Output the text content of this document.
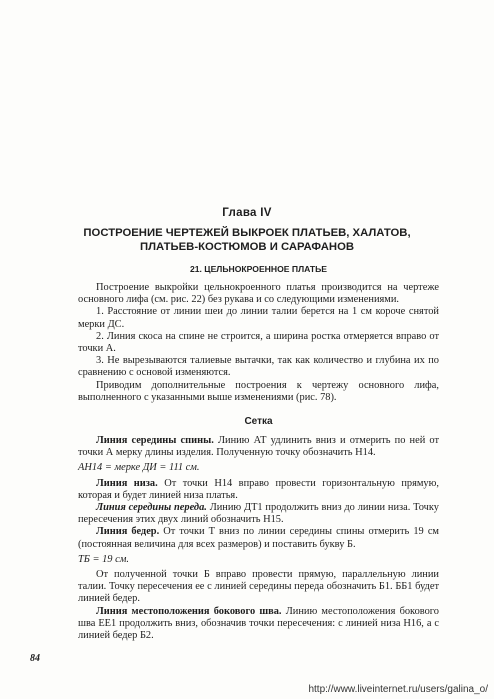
Глава IV
ПОСТРОЕНИЕ ЧЕРТЕЖЕЙ ВЫКРОЕК ПЛАТЬЕВ, ХАЛАТОВ,
ПЛАТЬЕВ-КОСТЮМОВ И САРАФАНОВ
21. ЦЕЛЬНОКРОЕННОЕ ПЛАТЬЕ

Построение выкройки цельнокроенного платья производится на чертеже основного лифа (см. рис. 22) без рукава и со следующими изменениями.

1. Расстояние от линии шеи до линии талии берется на 1 см короче снятой мерки ДС.

2. Линия скоса на спине не строится, а ширина ростка отмеряется вправо от точки А.

3. Не вырезываются талиевые вытачки, так как количество и глубина их по сравнению с основой изменяются.

Приводим дополнительные построения к чертежу основного лифа, выполненного с указанными выше изменениями (рис. 78).

Сетка

Линия середины спины. Линию АТ удлинить вниз и отмерить по ней от точки А мерку длины изделия. Полученную точку обозначить Н14.

АН14 = мерке ДИ = 111 см.

Линия низа. От точки Н14 вправо провести горизонтальную прямую, которая и будет линией низа платья.

Линия середины переда. Линию ДТ1 продолжить вниз до линии низа. Точку пересечения этих двух линий обозначить Н15.

Линия бедер. От точки Т вниз по линии середины спины отмерить 19 см (постоянная величина для всех размеров) и поставить букву Б.

ТБ = 19 см.

От полученной точки Б вправо провести прямую, параллельную линии талии. Точку пересечения ее с линией середины переда обозначить Б1. ББ1 будет линией бедер.

Линия местоположения бокового шва. Линию местоположения бокового шва ЕЕ1 продолжить вниз, обозначив точки пересечения: с линией низа Н16, а с линией бедер Б2.

84
http://www.liveinternet.ru/users/galina_o/
